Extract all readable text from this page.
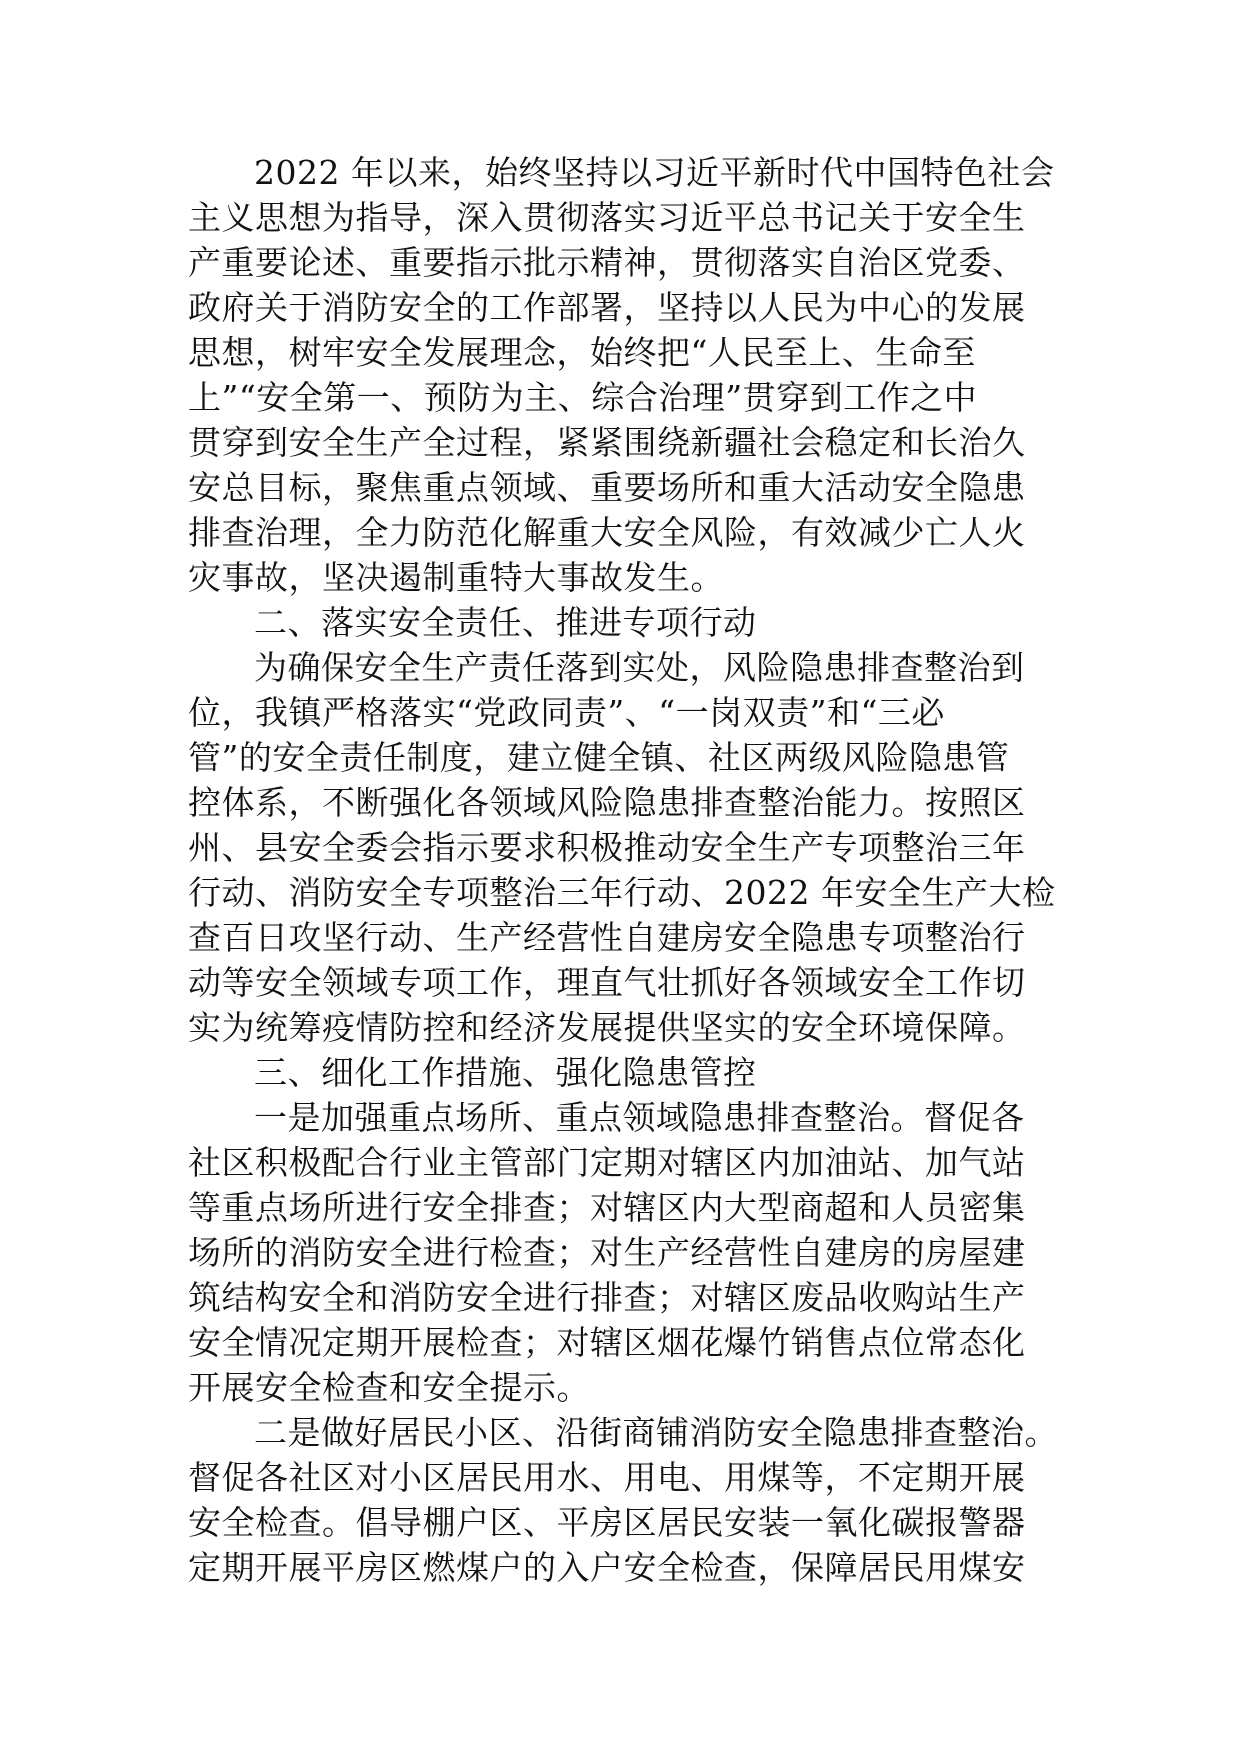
2022 年以来，始终坚持以习近平新时代中国特色社会
主义思想为指导，深入贯彻落实习近平总书记关于安全生
产重要论述、重要指示批示精神，贯彻落实自治区党委、
政府关于消防安全的工作部署，坚持以人民为中心的发展
思想，树牢安全发展理念，始终把“人民至上、生命至
上”“安全第一、预防为主、综合治理”贯穿到工作之中
贯穿到安全生产全过程，紧紧围绕新疆社会稳定和长治久
安总目标，聚焦重点领域、重要场所和重大活动安全隐患
排查治理，全力防范化解重大安全风险，有效减少亡人火
灾事故，坚决遏制重特大事故发生。
二、落实安全责任、推进专项行动
为确保安全生产责任落到实处，风险隐患排查整治到
位，我镇严格落实“党政同责”、“一岗双责”和“三必
管”的安全责任制度，建立健全镇、社区两级风险隐患管
控体系，不断强化各领域风险隐患排查整治能力。按照区
州、县安全委会指示要求积极推动安全生产专项整治三年
行动、消防安全专项整治三年行动、2022 年安全生产大检
查百日攻坚行动、生产经营性自建房安全隐患专项整治行
动等安全领域专项工作，理直气壮抓好各领域安全工作切
实为统筹疫情防控和经济发展提供坚实的安全环境保障。
三、细化工作措施、强化隐患管控
一是加强重点场所、重点领域隐患排查整治。督促各
社区积极配合行业主管部门定期对辖区内加油站、加气站
等重点场所进行安全排查；对辖区内大型商超和人员密集
场所的消防安全进行检查；对生产经营性自建房的房屋建
筑结构安全和消防安全进行排查；对辖区废品收购站生产
安全情况定期开展检查；对辖区烟花爆竹销售点位常态化
开展安全检查和安全提示。
二是做好居民小区、沿街商铺消防安全隐患排查整治。
督促各社区对小区居民用水、用电、用煤等，不定期开展
安全检查。倡导棚户区、平房区居民安装一氧化碳报警器
定期开展平房区燃煤户的入户安全检查，保障居民用煤安
